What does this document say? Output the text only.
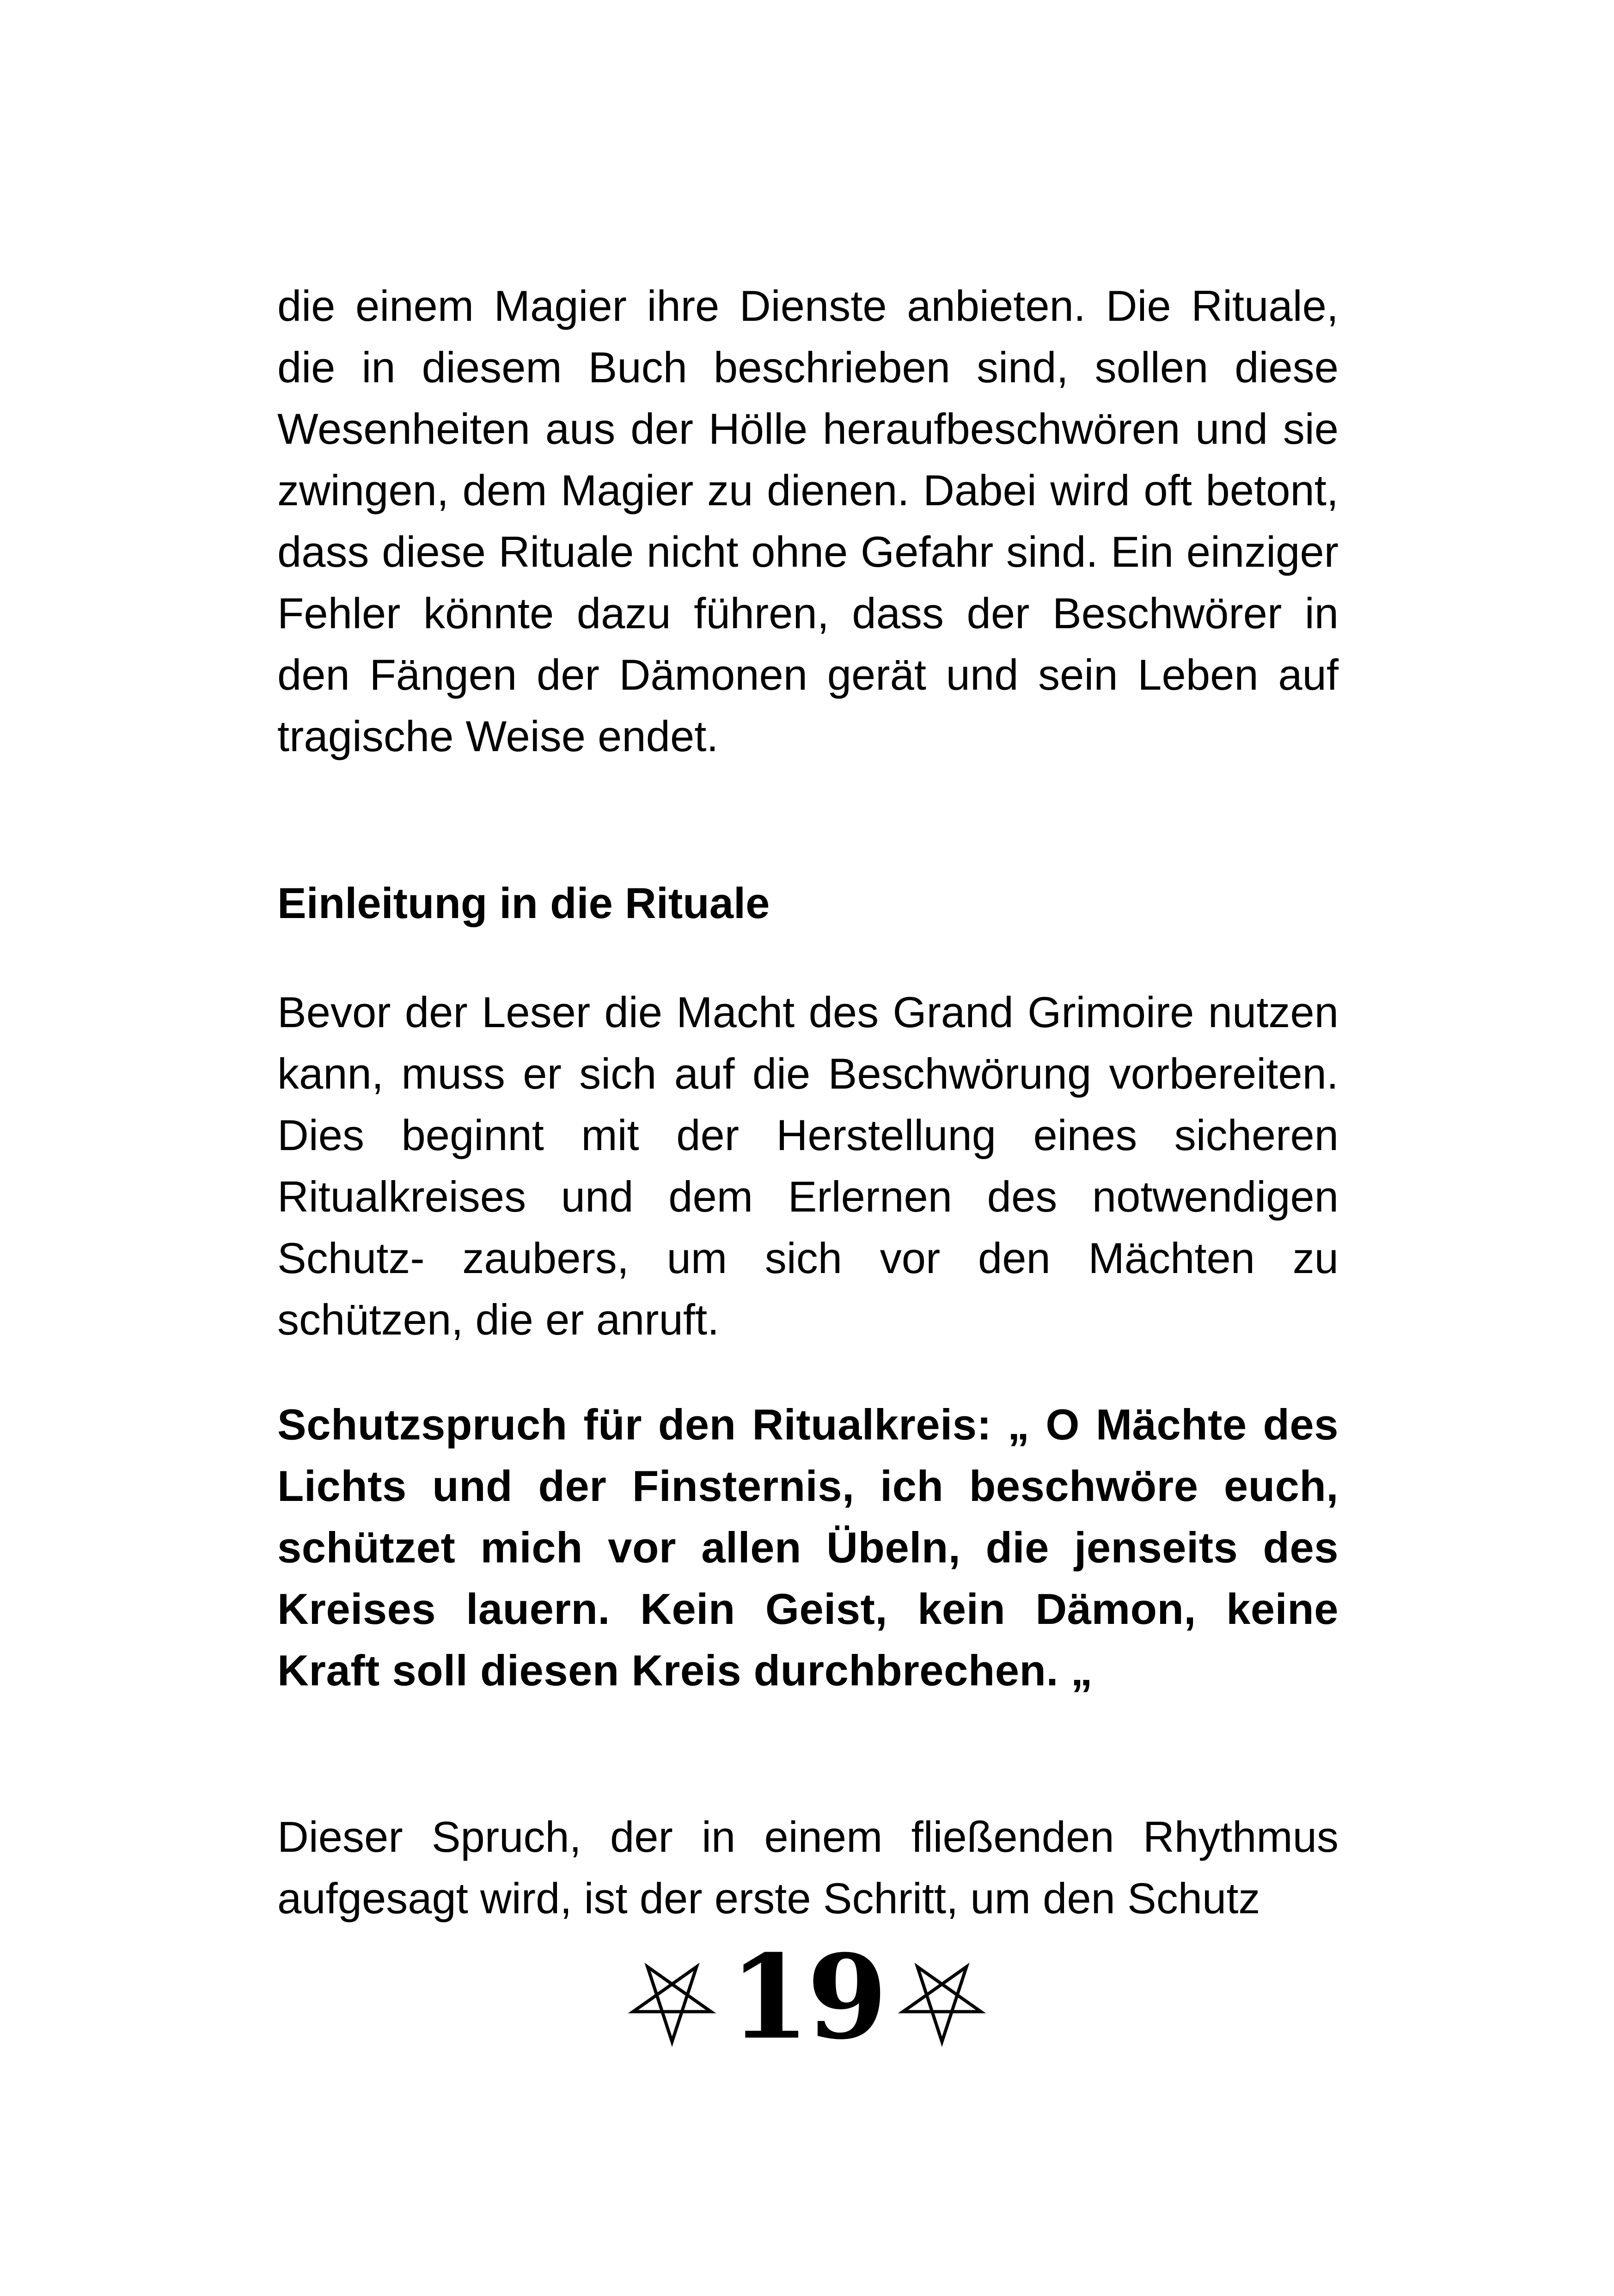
die einem Magier ihre Dienste anbieten. Die Rituale, die in diesem Buch beschrieben sind, sollen diese Wesenheiten aus der Hölle heraufbeschwören und sie zwingen, dem Magier zu dienen. Dabei wird oft betont, dass diese Rituale nicht ohne Gefahr sind. Ein einziger Fehler könnte dazu führen, dass der Beschwörer in den Fängen der Dämonen gerät und sein Leben auf tragische Weise endet.

Einleitung in die Rituale

Bevor der Leser die Macht des Grand Grimoire nutzen kann, muss er sich auf die Beschwörung vorbereiten. Dies beginnt mit der Herstellung eines sicheren Ritualkreises und dem Erlernen des notwendigen Schutz- zaubers, um sich vor den Mächten zu schützen, die er anruft.

Schutzspruch für den Ritualkreis: „ O Mächte des Lichts und der Finsternis, ich beschwöre euch, schützet mich vor allen Übeln, die jenseits des Kreises lauern. Kein Geist, kein Dämon, keine Kraft soll diesen Kreis durchbrechen. „

Dieser Spruch, der in einem fließenden Rhythmus aufgesagt wird, ist der erste Schritt, um den Schutz

19
